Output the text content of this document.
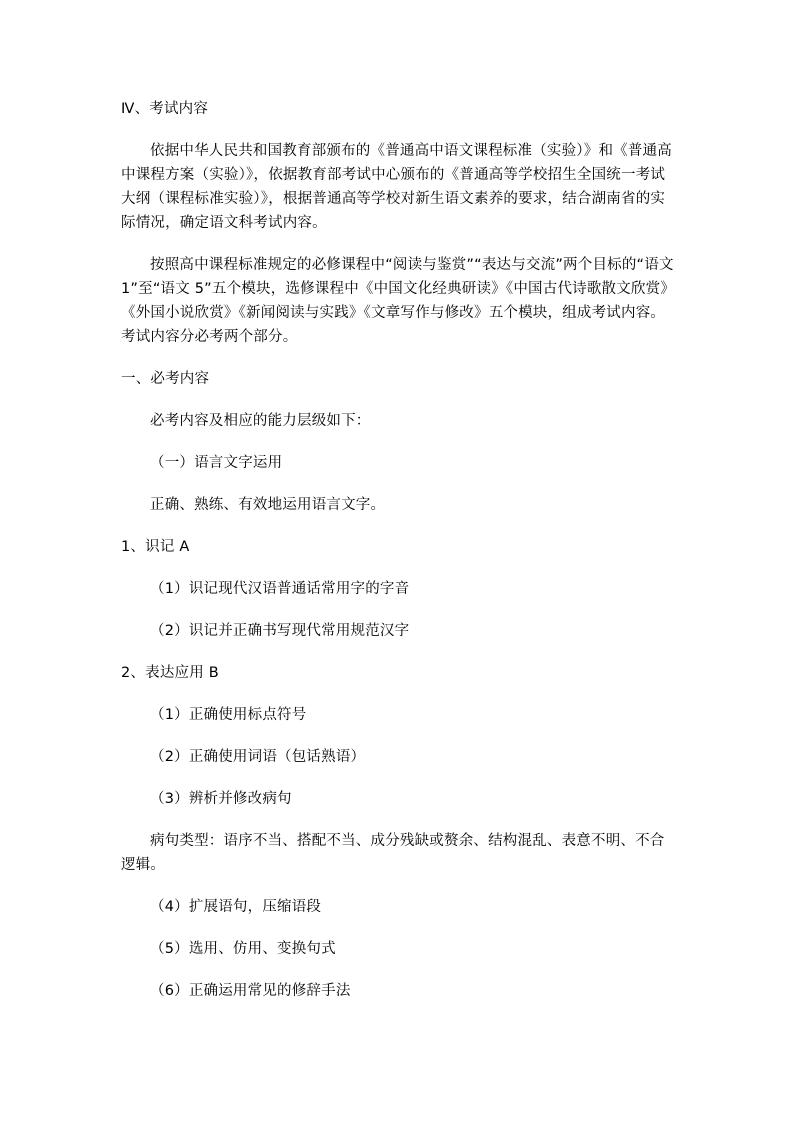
Ⅳ、考试内容

依据中华人民共和国教育部颁布的《普通高中语文课程标准（实验）》和《普通高中课程方案（实验）》，依据教育部考试中心颁布的《普通高等学校招生全国统一考试大纲（课程标准实验）》，根据普通高等学校对新生语文素养的要求，结合湖南省的实际情况，确定语文科考试内容。

按照高中课程标准规定的必修课程中“阅读与鉴赏”“表达与交流”两个目标的“语文 1”至“语文 5”五个模块，选修课程中《中国文化经典研读》《中国古代诗歌散文欣赏》《外国小说欣赏》《新闻阅读与实践》《文章写作与修改》五个模块，组成考试内容。考试内容分必考两个部分。

一、必考内容

必考内容及相应的能力层级如下：

（一）语言文字运用

正确、熟练、有效地运用语言文字。

1、识记 A

（1）识记现代汉语普通话常用字的字音

（2）识记并正确书写现代常用规范汉字

2、表达应用 B

（1）正确使用标点符号

（2）正确使用词语（包话熟语）

（3）辨析并修改病句

病句类型：语序不当、搭配不当、成分残缺或赘余、结构混乱、表意不明、不合逻辑。

（4）扩展语句，压缩语段

（5）选用、仿用、变换句式

（6）正确运用常见的修辞手法
